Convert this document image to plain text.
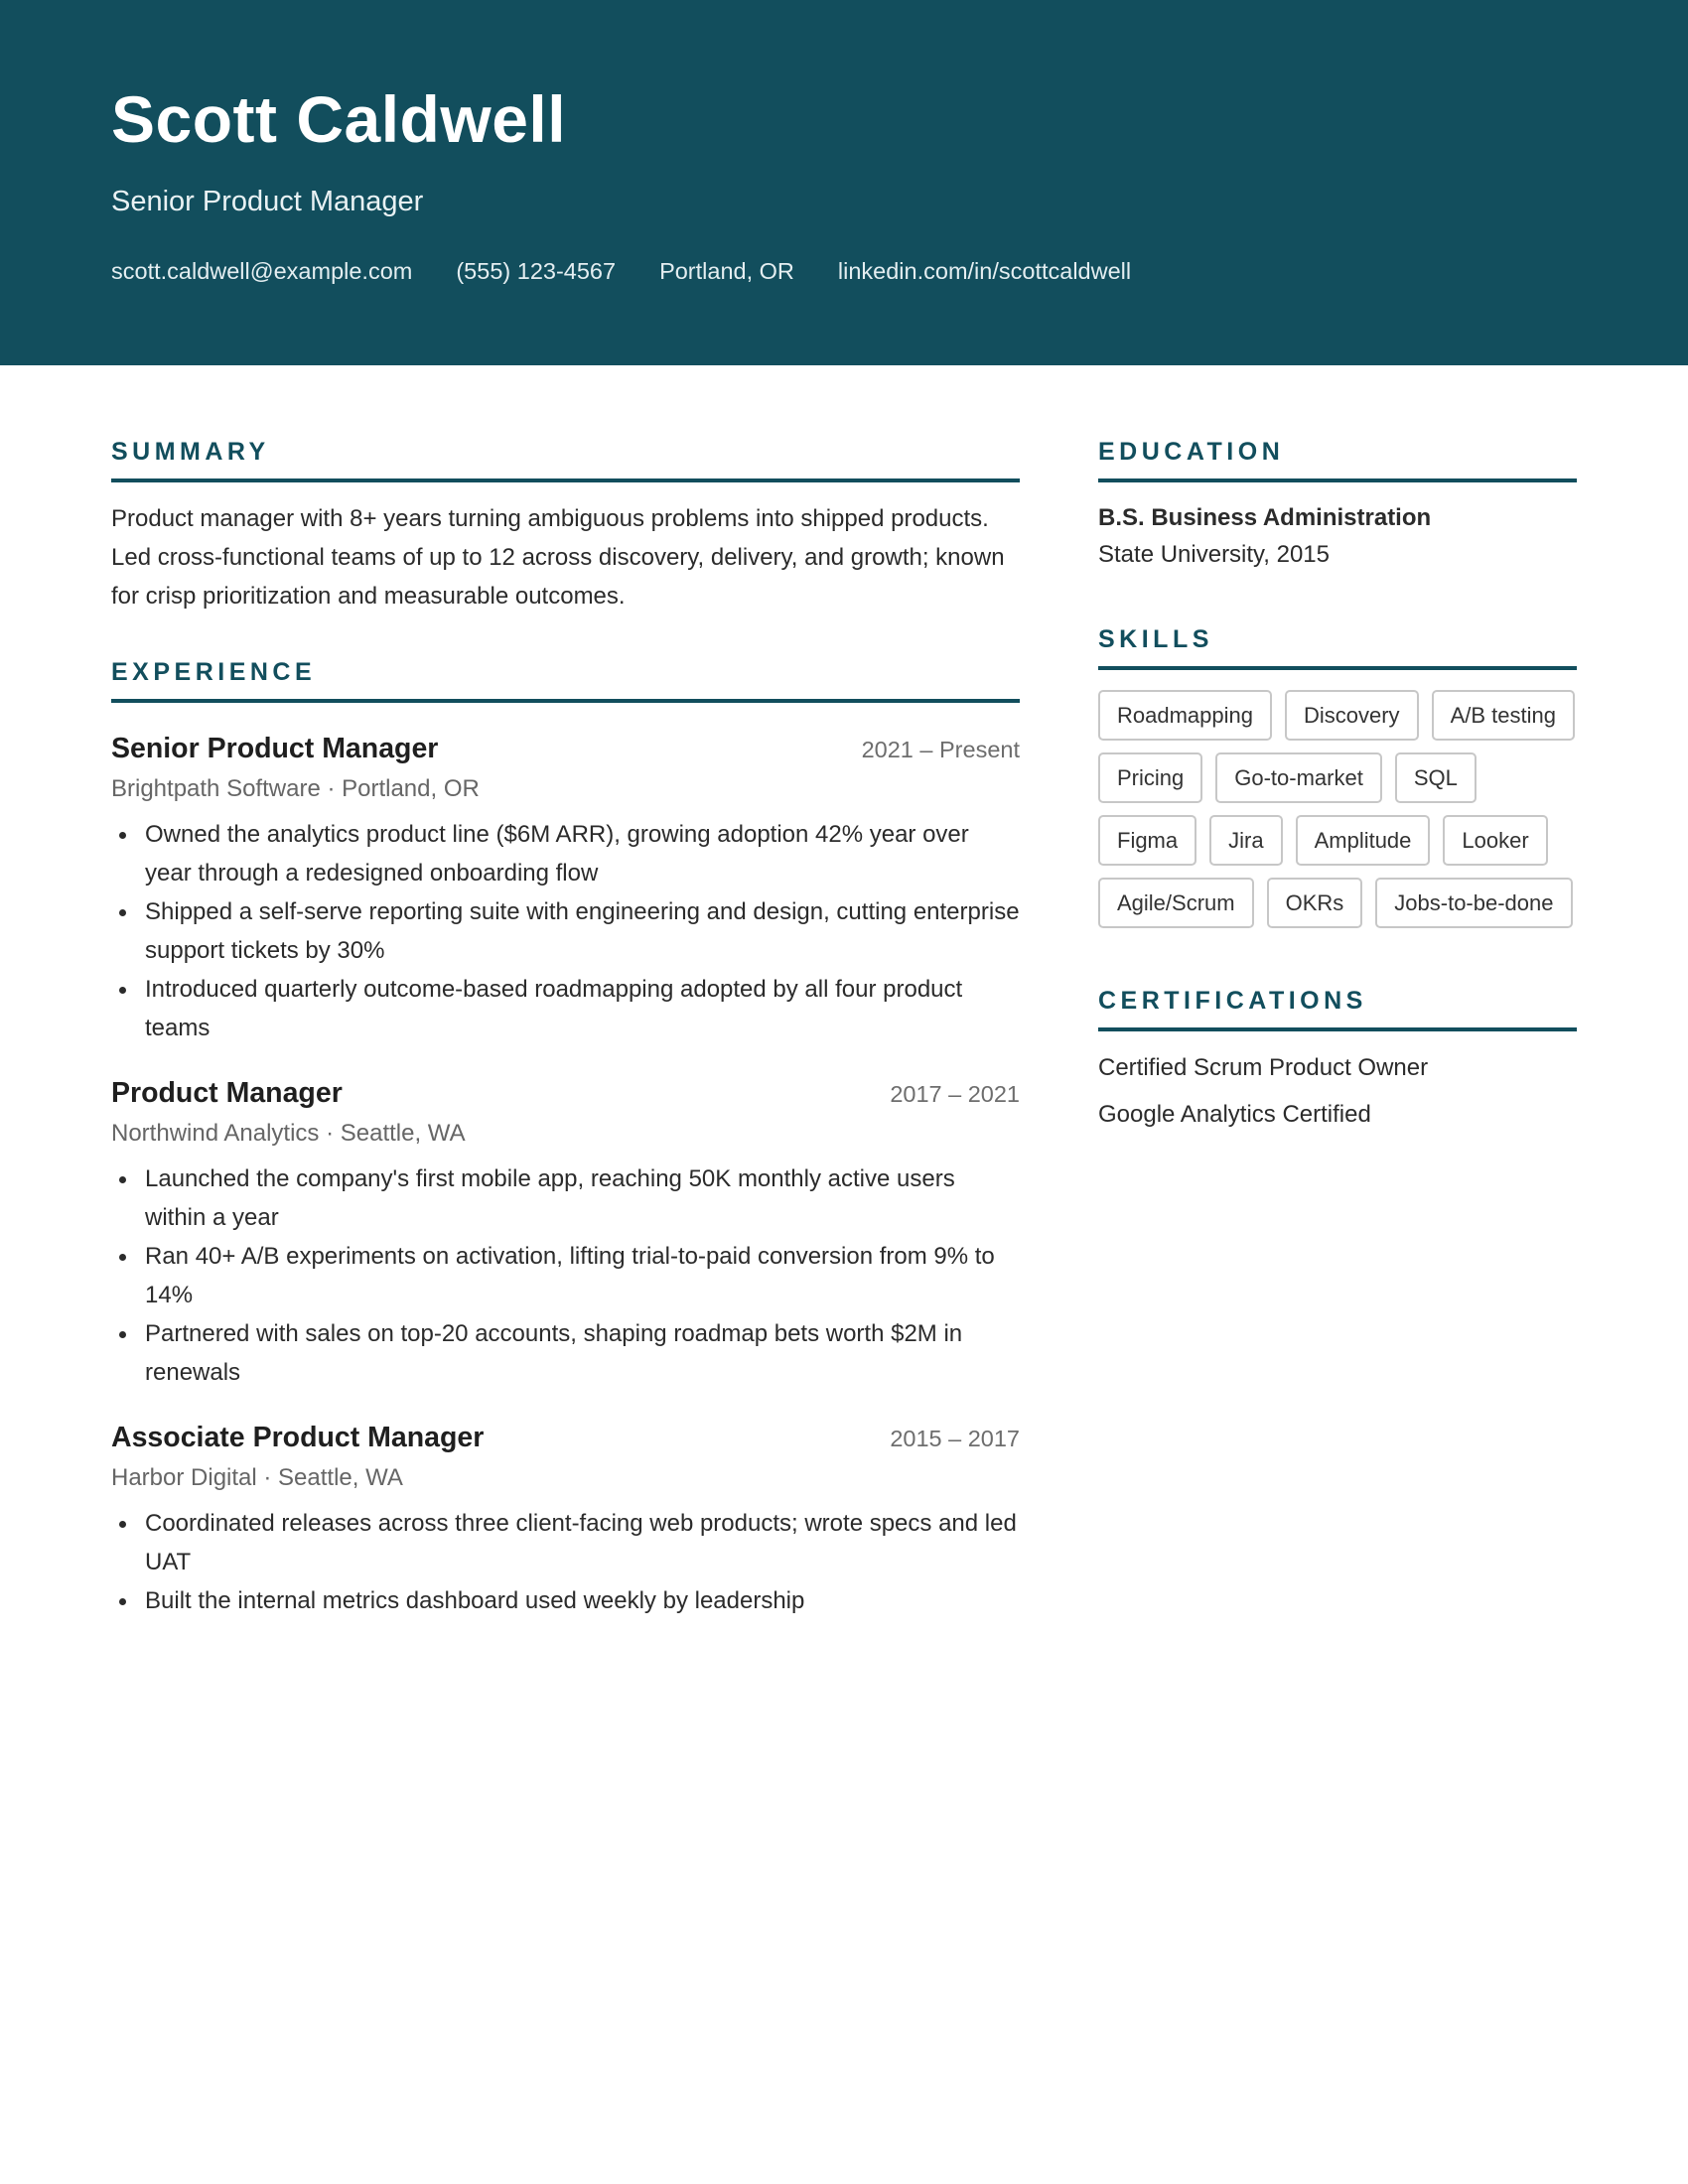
Scott Caldwell
Senior Product Manager
scott.caldwell@example.com (555) 123-4567 Portland, OR linkedin.com/in/scottcaldwell
SUMMARY

Product manager with 8+ years turning ambiguous problems into shipped products. Led cross-functional teams of up to 12 across discovery, delivery, and growth; known for crisp prioritization and measurable outcomes.

EXPERIENCE
Senior Product Manager	2021 – Present
Brightpath Software · Portland, OR
Owned the analytics product line ($6M ARR), growing adoption 42% year over year through a redesigned onboarding flow
Shipped a self-serve reporting suite with engineering and design, cutting enterprise support tickets by 30%
Introduced quarterly outcome-based roadmapping adopted by all four product teams
Product Manager	2017 – 2021
Northwind Analytics · Seattle, WA
Launched the company's first mobile app, reaching 50K monthly active users within a year
Ran 40+ A/B experiments on activation, lifting trial-to-paid conversion from 9% to 14%
Partnered with sales on top-20 accounts, shaping roadmap bets worth $2M in renewals
Associate Product Manager	2015 – 2017
Harbor Digital · Seattle, WA
Coordinated releases across three client-facing web products; wrote specs and led UAT
Built the internal metrics dashboard used weekly by leadership
EDUCATION
B.S. Business Administration
State University, 2015
SKILLS
Roadmapping	Discovery	A/B testing
Pricing	Go-to-market	SQL
Figma	Jira	Amplitude	Looker
Agile/Scrum	OKRs	Jobs-to-be-done
CERTIFICATIONS
Certified Scrum Product Owner
Google Analytics Certified
